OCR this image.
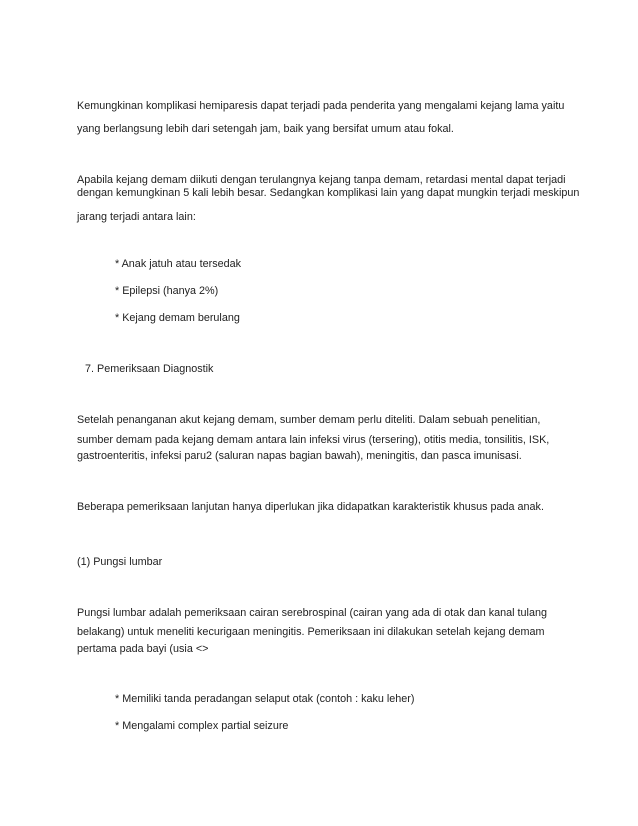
Kemungkinan komplikasi hemiparesis dapat terjadi pada penderita yang mengalami kejang lama yaitu
yang berlangsung lebih dari setengah jam, baik yang bersifat umum atau fokal.
Apabila kejang demam diikuti dengan terulangnya kejang tanpa demam, retardasi mental dapat terjadi
dengan kemungkinan 5 kali lebih besar. Sedangkan komplikasi lain yang dapat mungkin terjadi meskipun
jarang terjadi antara lain:
* Anak jatuh atau tersedak
* Epilepsi (hanya 2%)
* Kejang demam berulang
7. Pemeriksaan Diagnostik
Setelah penanganan akut kejang demam, sumber demam perlu diteliti. Dalam sebuah penelitian,
sumber demam pada kejang demam antara lain infeksi virus (tersering), otitis media, tonsilitis, ISK,
gastroenteritis, infeksi paru2 (saluran napas bagian bawah), meningitis, dan pasca imunisasi.
Beberapa pemeriksaan lanjutan hanya diperlukan jika didapatkan karakteristik khusus pada anak.
(1) Pungsi lumbar
Pungsi lumbar adalah pemeriksaan cairan serebrospinal (cairan yang ada di otak dan kanal tulang
belakang) untuk meneliti kecurigaan meningitis. Pemeriksaan ini dilakukan setelah kejang demam
pertama pada bayi (usia <>
* Memiliki tanda peradangan selaput otak (contoh : kaku leher)
* Mengalami complex partial seizure
